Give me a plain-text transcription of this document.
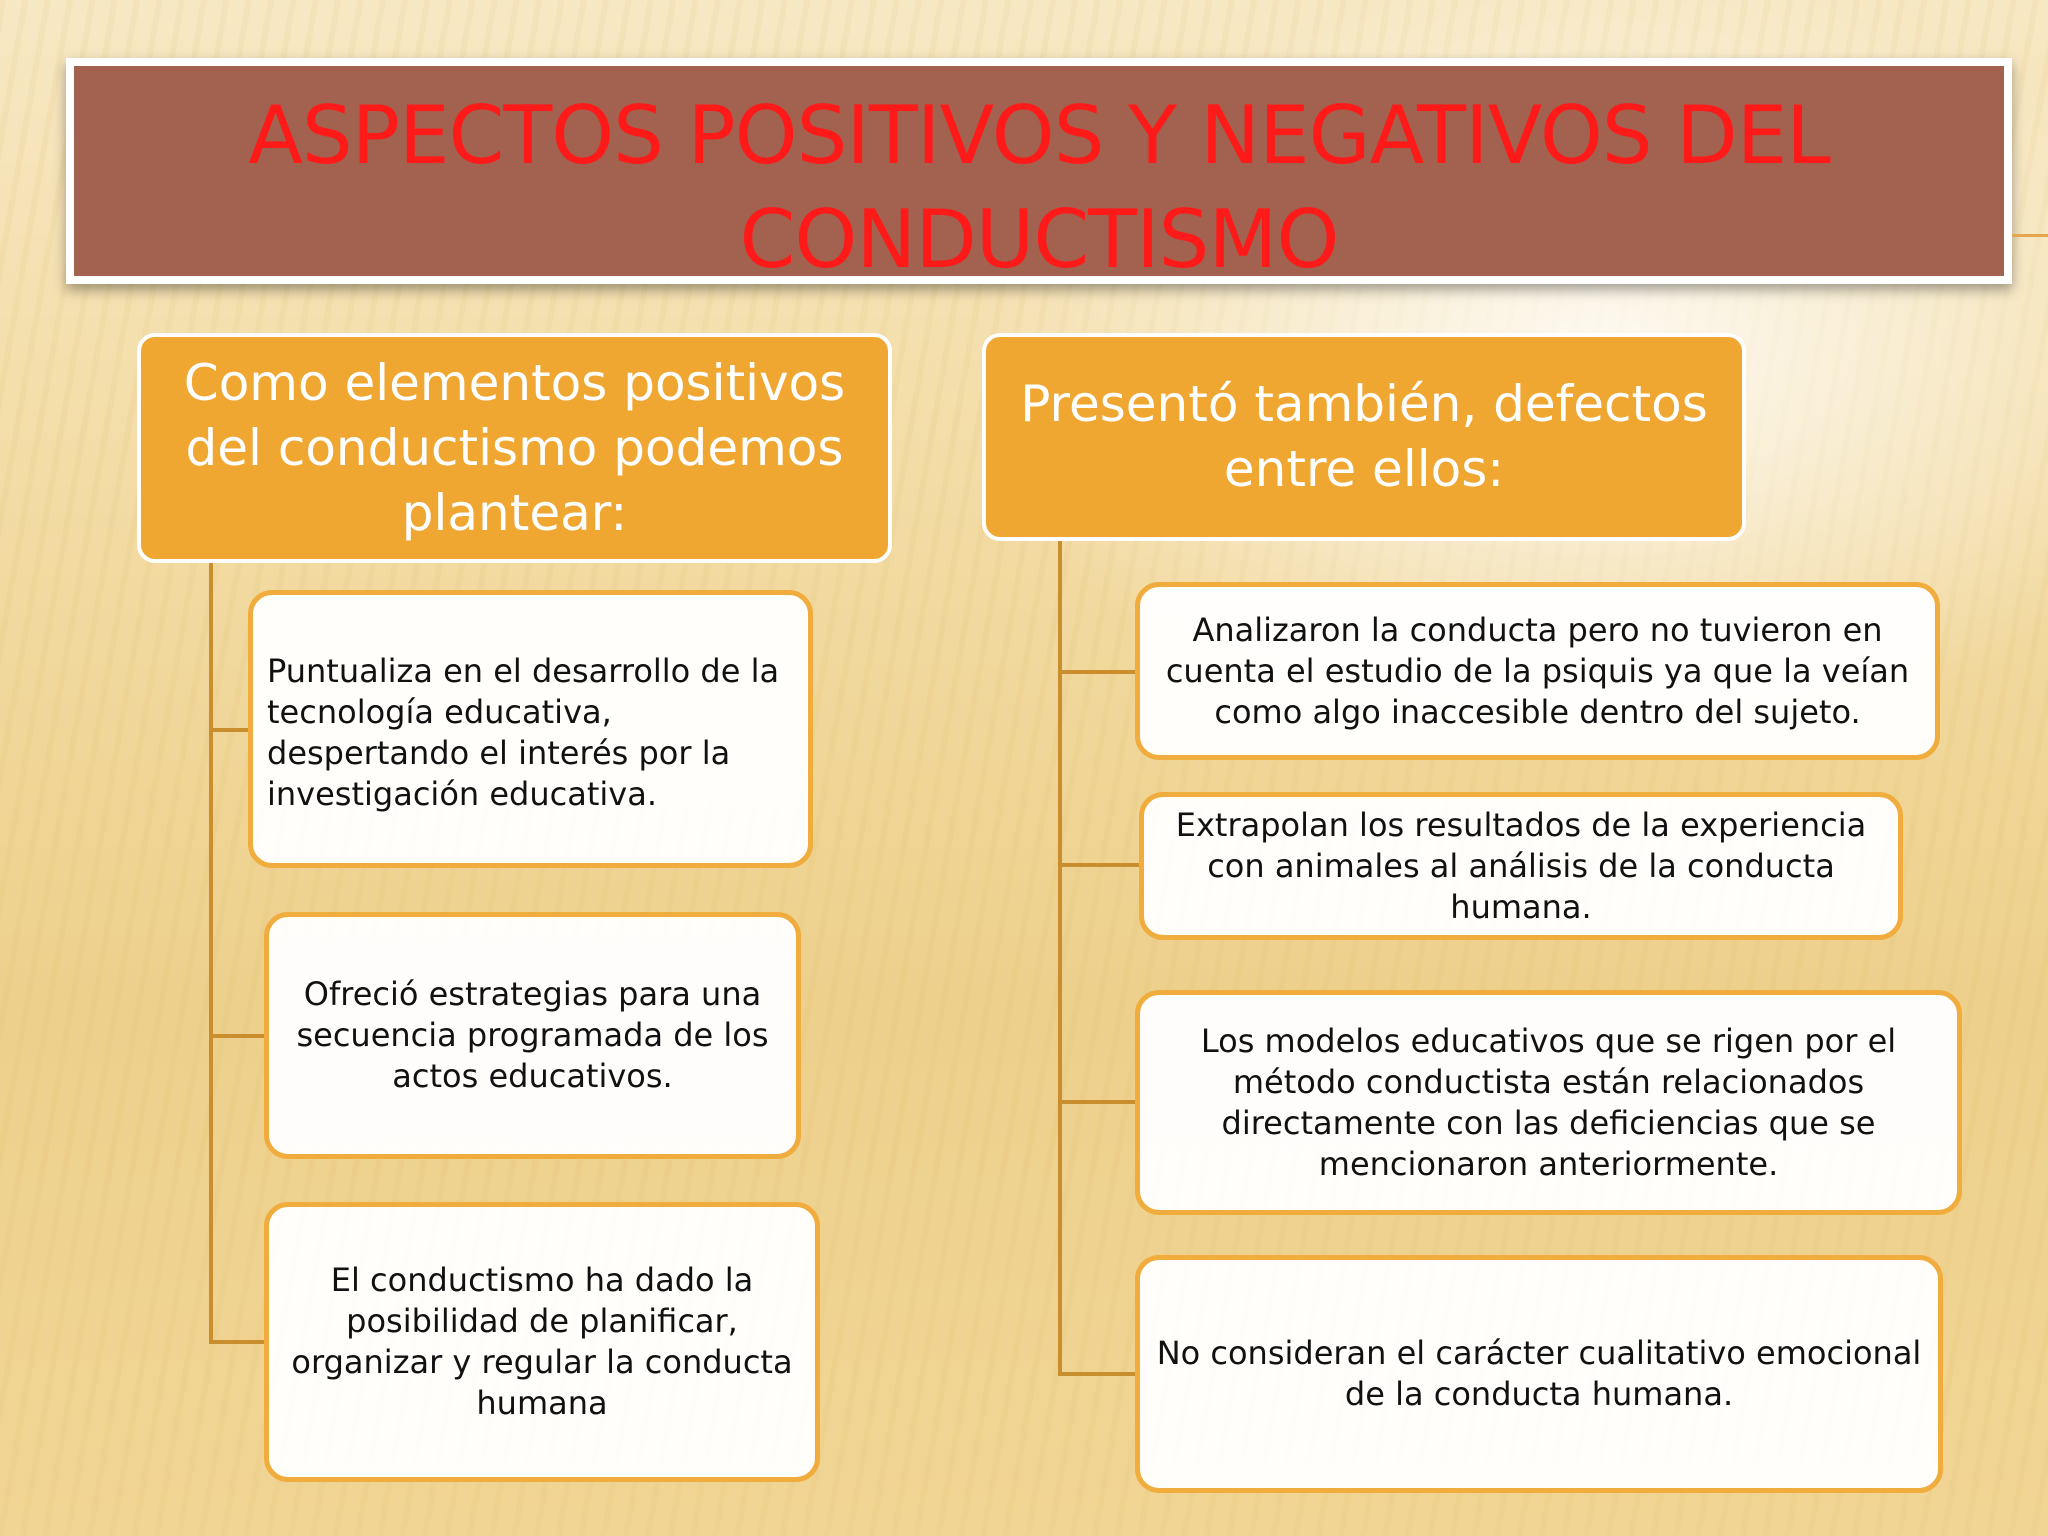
ASPECTOS POSITIVOS Y NEGATIVOS DEL CONDUCTISMO
Como elementos positivos del conductismo podemos plantear:
Puntualiza en el desarrollo de la tecnología educativa, despertando el interés por la investigación educativa.
Ofreció estrategias para una secuencia programada de los actos educativos.
El conductismo ha dado la posibilidad de planificar, organizar y regular la conducta humana
Presentó también, defectos entre ellos:
Analizaron la conducta pero no tuvieron en cuenta el estudio de la psiquis ya que la veían como algo inaccesible dentro del sujeto.
Extrapolan los resultados de la experiencia con animales al análisis de la conducta humana.
Los modelos educativos que se rigen por el método conductista están relacionados directamente con las deficiencias que se mencionaron anteriormente.
No consideran el carácter cualitativo emocional de la conducta humana.
